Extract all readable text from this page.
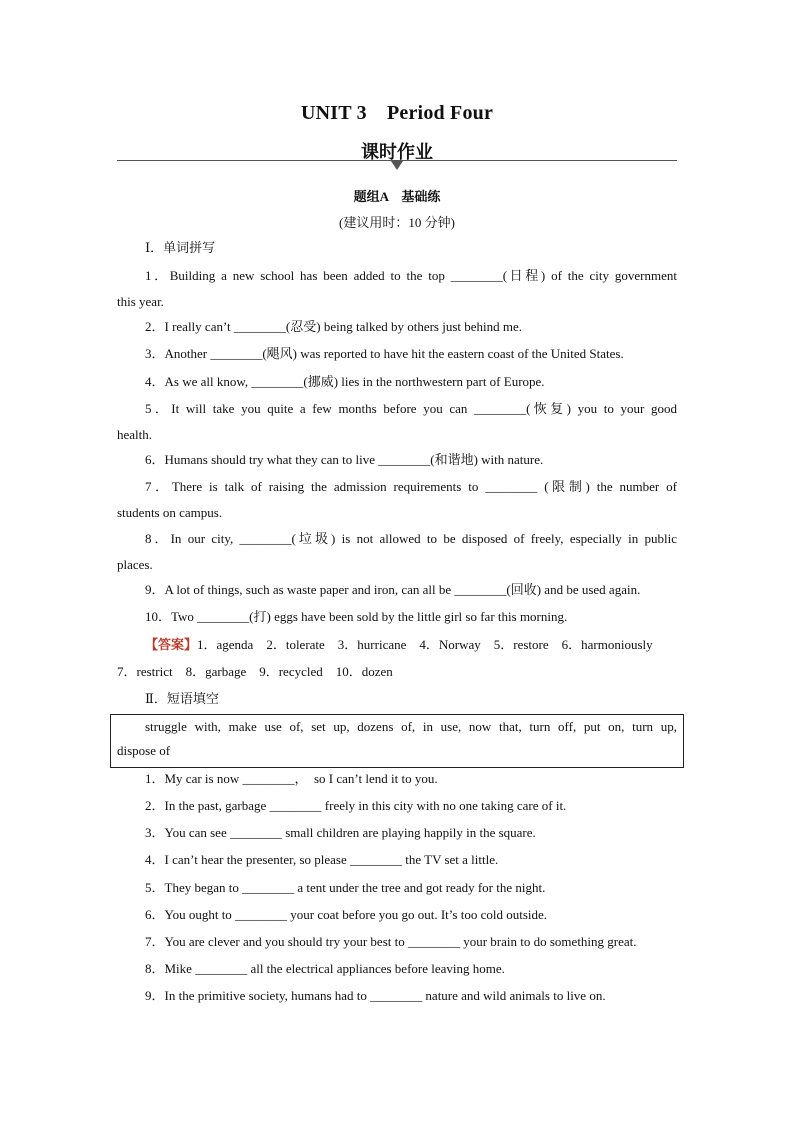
UNIT 3　Period Four
课时作业
题组A　基础练
(建议用时：10 分钟)
Ⅰ．单词拼写
1．Building a new school has been added to the top ________(日程) of the city government
this year.
2．I really can’t ________(忍受) being talked by others just behind me.
3．Another ________(飓风) was reported to have hit the eastern coast of the United States.
4．As we all know, ________(挪威) lies in the northwestern part of Europe.
5．It will take you quite a few months before you can ________(恢复) you to your good
health.
6．Humans should try what they can to live ________(和谐地) with nature.
7．There is talk of raising the admission requirements to ________ (限制) the number of
students on campus.
8．In our city, ________(垃圾) is not allowed to be disposed of freely, especially in public
places.
9．A lot of things, such as waste paper and iron, can all be ________(回收) and be used again.
10．Two ________(打) eggs have been sold by the little girl so far this morning.
【答案】1．agenda　2．tolerate　3．hurricane　4．Norway　5．restore　6．harmoniously
7．restrict　8．garbage　9．recycled　10．dozen
Ⅱ．短语填空
struggle with, make use of, set up, dozens of, in use, now that, turn off, put on, turn up,
dispose of
1．My car is now ________，　so I can’t lend it to you.
2．In the past, garbage ________ freely in this city with no one taking care of it.
3．You can see ________ small children are playing happily in the square.
4．I can’t hear the presenter, so please ________ the TV set a little.
5．They began to ________ a tent under the tree and got ready for the night.
6．You ought to ________ your coat before you go out. It’s too cold outside.
7．You are clever and you should try your best to ________ your brain to do something great.
8．Mike ________ all the electrical appliances before leaving home.
9．In the primitive society, humans had to ________ nature and wild animals to live on.
